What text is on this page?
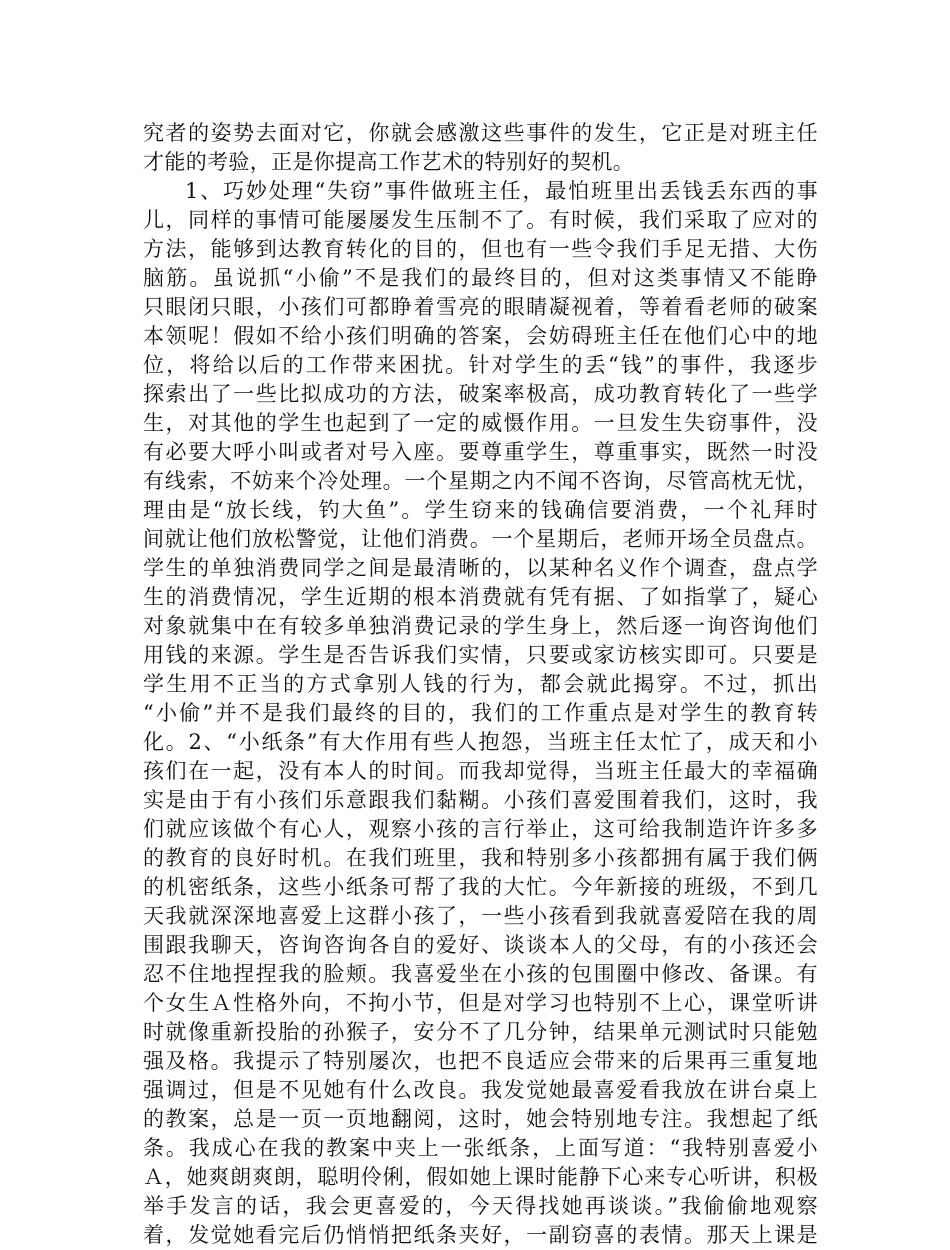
究者的姿势去面对它，你就会感激这些事件的发生，它正是对班主任
才能的考验，正是你提高工作艺术的特别好的契机。
1、巧妙处理“失窃”事件做班主任，最怕班里出丢钱丢东西的事
儿，同样的事情可能屡屡发生压制不了。有时候，我们采取了应对的
方法，能够到达教育转化的目的，但也有一些令我们手足无措、大伤
脑筋。虽说抓“小偷”不是我们的最终目的，但对这类事情又不能睁
只眼闭只眼，小孩们可都睁着雪亮的眼睛凝视着，等着看老师的破案
本领呢！假如不给小孩们明确的答案，会妨碍班主任在他们心中的地
位，将给以后的工作带来困扰。针对学生的丢“钱”的事件，我逐步
探索出了一些比拟成功的方法，破案率极高，成功教育转化了一些学
生，对其他的学生也起到了一定的威慑作用。一旦发生失窃事件，没
有必要大呼小叫或者对号入座。要尊重学生，尊重事实，既然一时没
有线索，不妨来个冷处理。一个星期之内不闻不咨询，尽管高枕无忧，
理由是“放长线，钓大鱼”。学生窃来的钱确信要消费，一个礼拜时
间就让他们放松警觉，让他们消费。一个星期后，老师开场全员盘点。
学生的单独消费同学之间是最清晰的，以某种名义作个调查，盘点学
生的消费情况，学生近期的根本消费就有凭有据、了如指掌了，疑心
对象就集中在有较多单独消费记录的学生身上，然后逐一询咨询他们
用钱的来源。学生是否告诉我们实情，只要或家访核实即可。只要是
学生用不正当的方式拿别人钱的行为，都会就此揭穿。不过，抓出
“小偷”并不是我们最终的目的，我们的工作重点是对学生的教育转
化。2、“小纸条”有大作用有些人抱怨，当班主任太忙了，成天和小
孩们在一起，没有本人的时间。而我却觉得，当班主任最大的幸福确
实是由于有小孩们乐意跟我们黏糊。小孩们喜爱围着我们，这时，我
们就应该做个有心人，观察小孩的言行举止，这可给我制造许许多多
的教育的良好时机。在我们班里，我和特别多小孩都拥有属于我们俩
的机密纸条，这些小纸条可帮了我的大忙。今年新接的班级，不到几
天我就深深地喜爱上这群小孩了，一些小孩看到我就喜爱陪在我的周
围跟我聊天，咨询咨询各自的爱好、谈谈本人的父母，有的小孩还会
忍不住地捏捏我的脸颊。我喜爱坐在小孩的包围圈中修改、备课。有
个女生Ａ性格外向，不拘小节，但是对学习也特别不上心，课堂听讲
时就像重新投胎的孙猴子，安分不了几分钟，结果单元测试时只能勉
强及格。我提示了特别屡次，也把不良适应会带来的后果再三重复地
强调过，但是不见她有什么改良。我发觉她最喜爱看我放在讲台桌上
的教案，总是一页一页地翻阅，这时，她会特别地专注。我想起了纸
条。我成心在我的教案中夹上一张纸条，上面写道：“我特别喜爱小
Ａ，她爽朗爽朗，聪明伶俐，假如她上课时能静下心来专心听讲，积极
举手发言的话，我会更喜爱的，今天得找她再谈谈。”我偷偷地观察
着，发觉她看完后仍悄悄把纸条夹好，一副窃喜的表情。那天上课是
